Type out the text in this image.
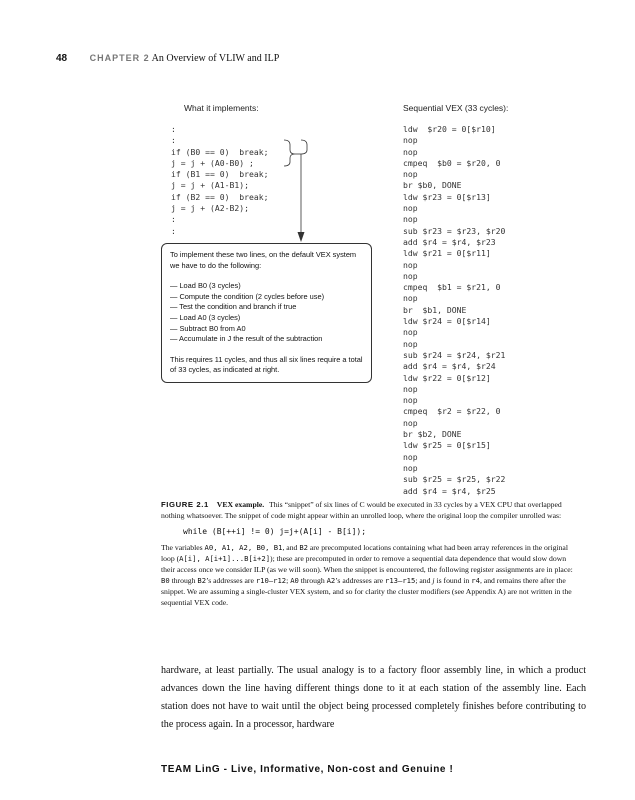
48	CHAPTER 2 An Overview of VLIW and ILP
What it implements:	Sequential VEX (33 cycles):
:
:
if (B0 == 0)  break;
j = j + (A0-B0) ;
if (B1 == 0)  break;
j = j + (A1-B1);
if (B2 == 0)  break;
j = j + (A2-B2);
:
:
ldw  $r20 = 0[$r10]
nop
nop
cmpeq  $b0 = $r20, 0
nop
br $b0, DONE
ldw $r23 = 0[$r13]
nop
nop
sub $r23 = $r23, $r20
add $r4 = $r4, $r23
ldw $r21 = 0[$r11]
nop
nop
cmpeq  $b1 = $r21, 0
nop
br  $b1, DONE
ldw $r24 = 0[$r14]
nop
nop
sub $r24 = $r24, $r21
add $r4 = $r4, $r24
ldw $r22 = 0[$r12]
nop
nop
cmpeq  $r2 = $r22, 0
nop
br $b2, DONE
ldw $r25 = 0[$r15]
nop
nop
sub $r25 = $r25, $r22
add $r4 = $r4, $r25

To implement these two lines, on the default VEX system we have to do the following:

— Load B0 (3 cycles)
— Compute the condition (2 cycles before use)
— Test the condition and branch if true
— Load A0 (3 cycles)
— Subtract B0 from A0
— Accumulate in J the result of the subtraction

This requires 11 cycles, and thus all six lines require a total of 33 cycles, as indicated at right.

FIGURE 2.1 VEX example. This “snippet” of six lines of C would be executed in 33 cycles by a VEX CPU that overlapped nothing whatsoever. The snippet of code might appear within an unrolled loop, where the original loop the compiler unrolled was:

while (B[++i] != 0) j=j+(A[i] - B[i]);

The variables A0, A1, A2, B0, B1, and B2 are precomputed locations containing what had been array references in the original loop (A[i], A[i+1]...B[i+2]); these are precomputed in order to remove a sequential data dependence that would slow down their access once we consider ILP (as we will soon). When the snippet is encountered, the following register assignments are in place: B0 through B2’s addresses are r10–r12; A0 through A2’s addresses are r13–r15; and j is found in r4, and remains there after the snippet. We are assuming a single-cluster VEX system, and so for clarity the cluster modifiers (see Appendix A) are not written in the sequential VEX code.

hardware, at least partially. The usual analogy is to a factory floor assembly line, in which a product advances down the line having different things done to it at each station of the assembly line. Each station does not have to wait until the object being processed completely finishes before contributing to the process again. In a processor, hardware

TEAM LinG - Live, Informative, Non-cost and Genuine !
